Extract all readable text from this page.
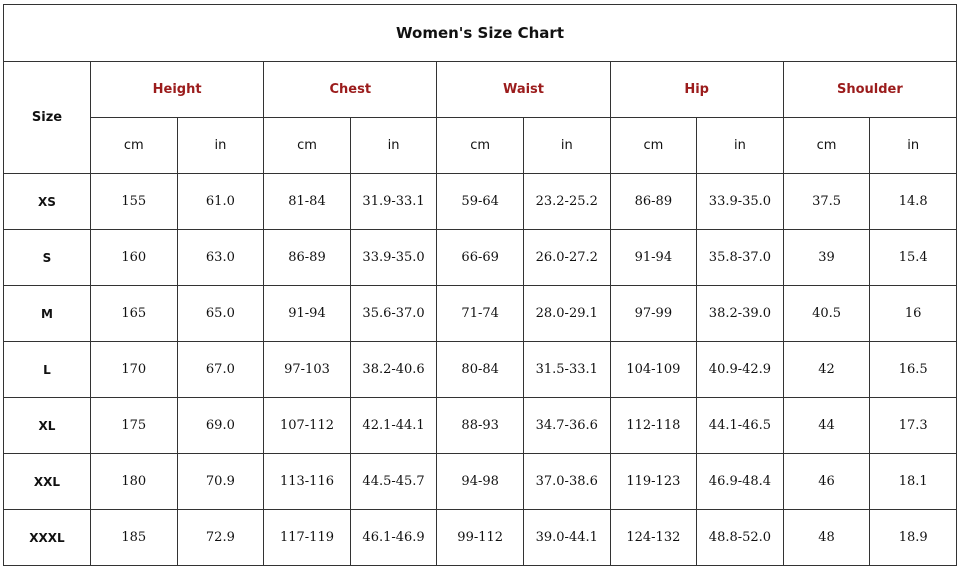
Women's Size Chart										
Size	Height		Chest		Waist		Hip		Shoulder	
	cm	in	cm	in	cm	in	cm	in	cm	in
XS	155	61.0	81-84	31.9-33.1	59-64	23.2-25.2	86-89	33.9-35.0	37.5	14.8
S	160	63.0	86-89	33.9-35.0	66-69	26.0-27.2	91-94	35.8-37.0	39	15.4
M	165	65.0	91-94	35.6-37.0	71-74	28.0-29.1	97-99	38.2-39.0	40.5	16
L	170	67.0	97-103	38.2-40.6	80-84	31.5-33.1	104-109	40.9-42.9	42	16.5
XL	175	69.0	107-112	42.1-44.1	88-93	34.7-36.6	112-118	44.1-46.5	44	17.3
XXL	180	70.9	113-116	44.5-45.7	94-98	37.0-38.6	119-123	46.9-48.4	46	18.1
XXXL	185	72.9	117-119	46.1-46.9	99-112	39.0-44.1	124-132	48.8-52.0	48	18.9
